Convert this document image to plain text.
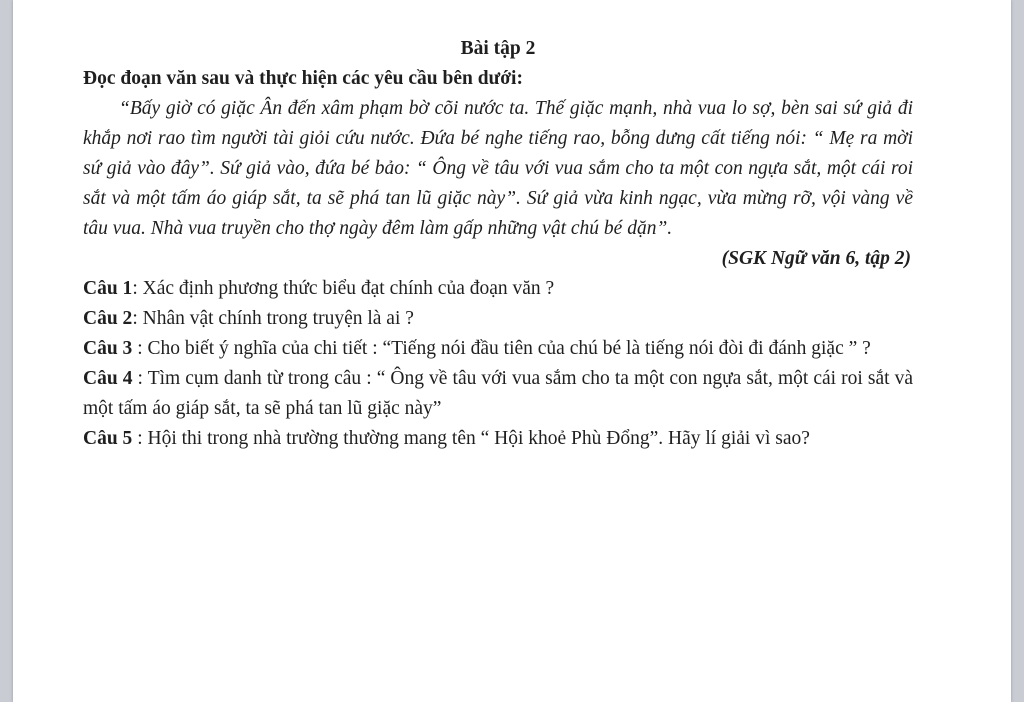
Bài tập 2

Đọc đoạn văn sau và thực hiện các yêu cầu bên dưới:

“Bấy giờ có giặc Ân đến xâm phạm bờ cõi nước ta. Thế giặc mạnh, nhà vua lo sợ, bèn sai sứ giả đi khắp nơi rao tìm người tài giỏi cứu nước. Đứa bé nghe tiếng rao, bỗng dưng cất tiếng nói: “ Mẹ ra mời sứ giả vào đây”. Sứ giả vào, đứa bé bảo: “ Ông về tâu với vua sắm cho ta một con ngựa sắt, một cái roi sắt và một tấm áo giáp sắt, ta sẽ phá tan lũ giặc này”. Sứ giả vừa kinh ngạc, vừa mừng rỡ, vội vàng về tâu vua. Nhà vua truyền cho thợ ngày đêm làm gấp những vật chú bé dặn”.

(SGK Ngữ văn 6, tập 2)

Câu 1: Xác định phương thức biểu đạt chính của đoạn văn ?

Câu 2: Nhân vật chính trong truyện là ai ?

Câu 3 : Cho biết ý nghĩa của chi tiết : “Tiếng nói đầu tiên của chú bé là tiếng nói đòi đi đánh giặc ” ?

Câu 4 : Tìm cụm danh từ trong câu : “ Ông về tâu với vua sắm cho ta một con ngựa sắt, một cái roi sắt và một tấm áo giáp sắt, ta sẽ phá tan lũ giặc này”

Câu 5 : Hội thi trong nhà trường thường mang tên “ Hội khoẻ Phù Đổng”. Hãy lí giải vì sao?
